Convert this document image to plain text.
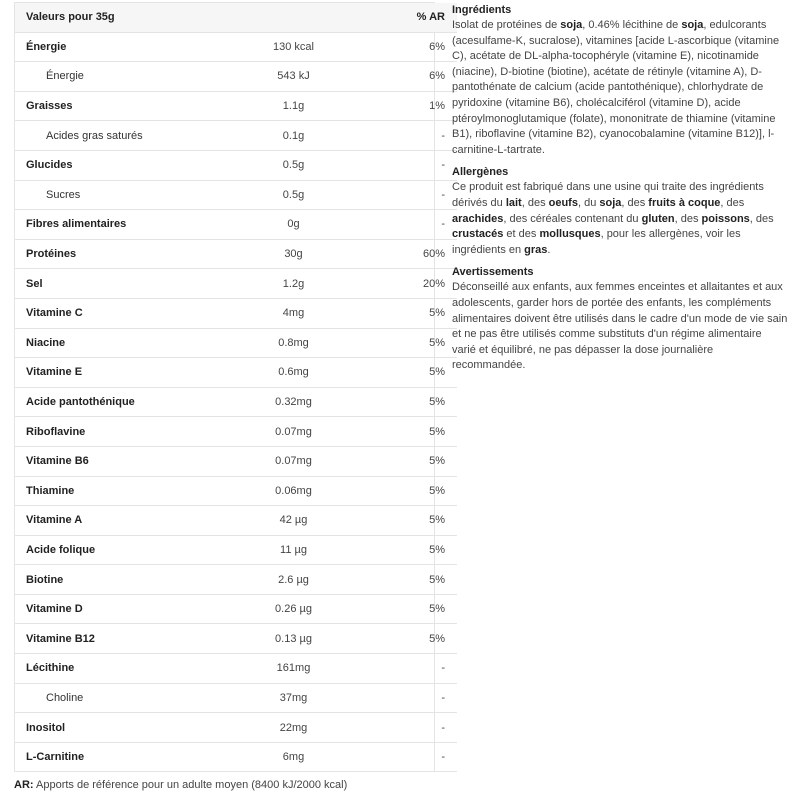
Valeurs pour 35g		% AR
Énergie	130 kcal	6%
Énergie	543 kJ	6%
Graisses	1.1g	1%
Acides gras saturés	0.1g	-
Glucides	0.5g	-
Sucres	0.5g	-
Fibres alimentaires	0g	-
Protéines	30g	60%
Sel	1.2g	20%
Vitamine C	4mg	5%
Niacine	0.8mg	5%
Vitamine E	0.6mg	5%
Acide pantothénique	0.32mg	5%
Riboflavine	0.07mg	5%
Vitamine B6	0.07mg	5%
Thiamine	0.06mg	5%
Vitamine A	42 µg	5%
Acide folique	11 µg	5%
Biotine	2.6 µg	5%
Vitamine D	0.26 µg	5%
Vitamine B12	0.13 µg	5%
Lécithine	161mg	-
Choline	37mg	-
Inositol	22mg	-
L-Carnitine	6mg	-
Ingrédients

Isolat de protéines de soja, 0.46% lécithine de soja, edulcorants (acesulfame-K, sucralose), vitamines [acide L-ascorbique (vitamine C), acétate de DL-alpha-tocophéryle (vitamine E), nicotinamide (niacine), D-biotine (biotine), acétate de rétinyle (vitamine A), D-pantothénate de calcium (acide pantothénique), chlorhydrate de pyridoxine (vitamine B6), cholécalciférol (vitamine D), acide ptéroylmonoglutamique (folate), mononitrate de thiamine (vitamine B1), riboflavine (vitamine B2), cyanocobalamine (vitamine B12)], l-carnitine-L-tartrate.

Allergènes

Ce produit est fabriqué dans une usine qui traite des ingrédients dérivés du lait, des oeufs, du soja, des fruits à coque, des arachides, des céréales contenant du gluten, des poissons, des crustacés et des mollusques, pour les allergènes, voir les ingrédients en gras.

Avertissements

Déconseillé aux enfants, aux femmes enceintes et allaitantes et aux adolescents, garder hors de portée des enfants, les compléments alimentaires doivent être utilisés dans le cadre d'un mode de vie sain et ne pas être utilisés comme substituts d'un régime alimentaire varié et équilibré, ne pas dépasser la dose journalière recommandée.

AR: Apports de référence pour un adulte moyen (8400 kJ/2000 kcal)
